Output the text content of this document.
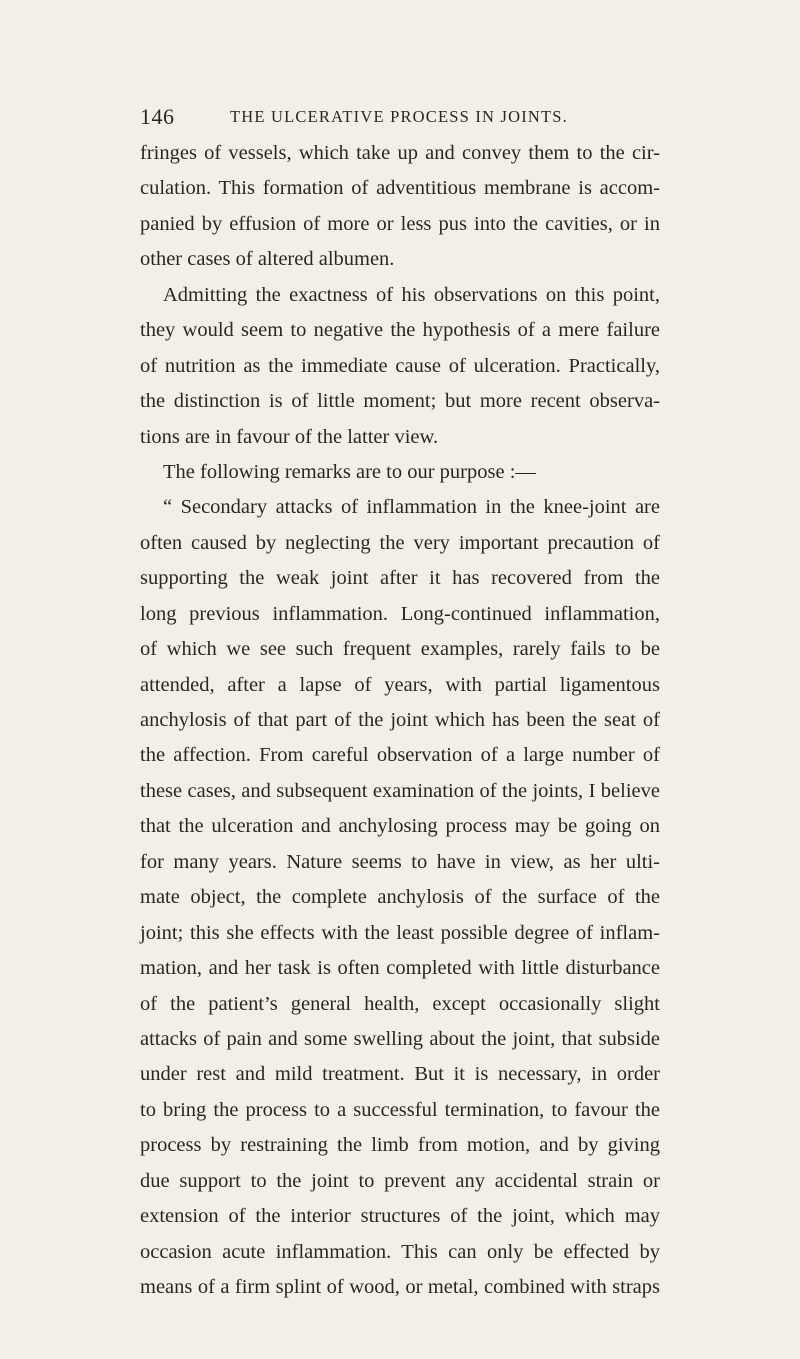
146	THE ULCERATIVE PROCESS IN JOINTS.
fringes of vessels, which take up and convey them to the cir-
culation. This formation of adventitious membrane is accom-
panied by effusion of more or less pus into the cavities, or in
other cases of altered albumen.
Admitting the exactness of his observations on this point,
they would seem to negative the hypothesis of a mere failure
of nutrition as the immediate cause of ulceration. Practically,
the distinction is of little moment; but more recent observa-
tions are in favour of the latter view.
The following remarks are to our purpose :—
“ Secondary attacks of inflammation in the knee-joint are
often caused by neglecting the very important precaution of
supporting the weak joint after it has recovered from the
long previous inflammation. Long-continued inflammation,
of which we see such frequent examples, rarely fails to be
attended, after a lapse of years, with partial ligamentous
anchylosis of that part of the joint which has been the seat of
the affection. From careful observation of a large number of
these cases, and subsequent examination of the joints, I believe
that the ulceration and anchylosing process may be going on
for many years. Nature seems to have in view, as her ulti-
mate object, the complete anchylosis of the surface of the
joint; this she effects with the least possible degree of inflam-
mation, and her task is often completed with little disturbance
of the patient’s general health, except occasionally slight
attacks of pain and some swelling about the joint, that subside
under rest and mild treatment. But it is necessary, in order
to bring the process to a successful termination, to favour the
process by restraining the limb from motion, and by giving
due support to the joint to prevent any accidental strain or
extension of the interior structures of the joint, which may
occasion acute inflammation. This can only be effected by
means of a firm splint of wood, or metal, combined with straps
